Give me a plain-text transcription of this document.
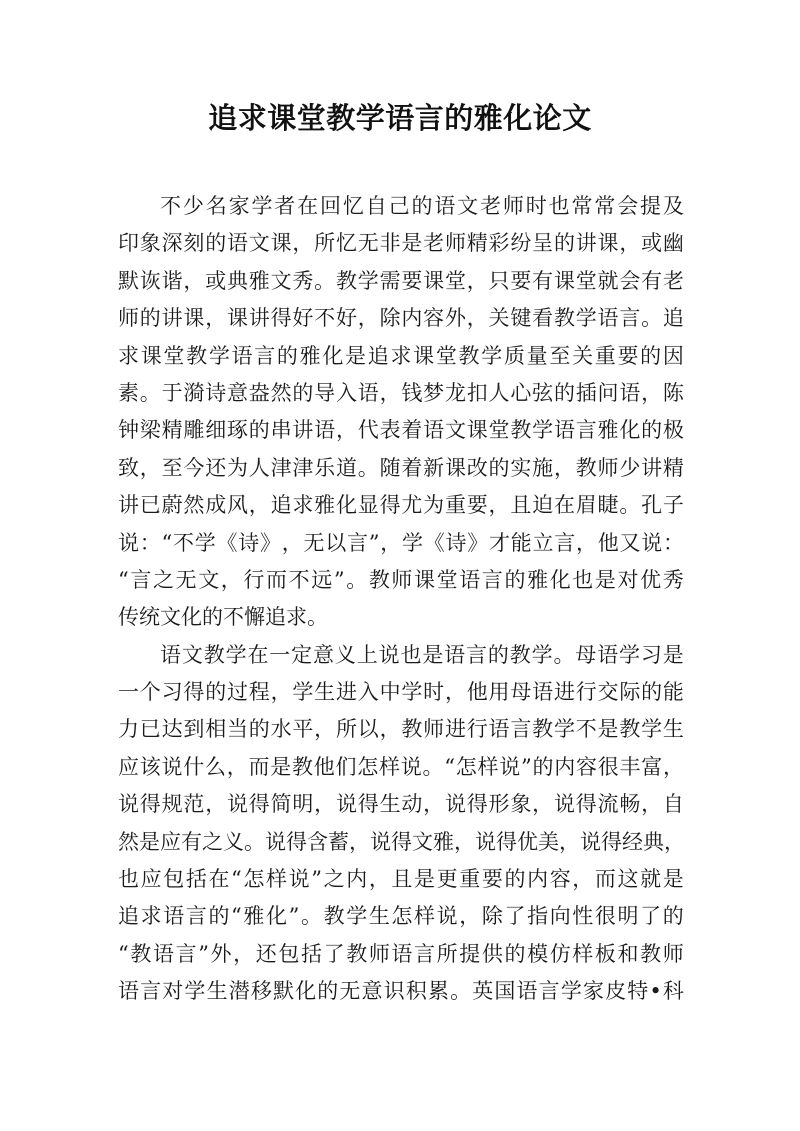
追求课堂教学语言的雅化论文
不 少 名 家 学 者 在 回 忆 自 己 的 语 文 老 师 时 也 常 常 会 提 及
印 象 深 刻 的 语 文 课 ， 所 忆 无 非 是 老 师 精 彩 纷 呈 的 讲 课 ， 或 幽
默 诙 谐 ， 或 典 雅 文 秀 。 教 学 需 要 课 堂 ， 只 要 有 课 堂 就 会 有 老
师 的 讲 课 ， 课 讲 得 好 不 好 ， 除 内 容 外 ， 关 键 看 教 学 语 言 。 追
求 课 堂 教 学 语 言 的 雅 化 是 追 求 课 堂 教 学 质 量 至 关 重 要 的 因
素 。 于 漪 诗 意 盎 然 的 导 入 语 ， 钱 梦 龙 扣 人 心 弦 的 插 问 语 ， 陈
钟 梁 精 雕 细 琢 的 串 讲 语 ， 代 表 着 语 文 课 堂 教 学 语 言 雅 化 的 极
致 ， 至 今 还 为 人 津 津 乐 道 。 随 着 新 课 改 的 实 施 ， 教 师 少 讲 精
讲 已 蔚 然 成 风 ， 追 求 雅 化 显 得 尤 为 重 要 ， 且 迫 在 眉 睫 。 孔 子
说 ： “ 不 学 《 诗 》 ， 无 以 言 ” ， 学 《 诗 》 才 能 立 言 ， 他 又 说 ：
“ 言 之 无 文 ， 行 而 不 远 ” 。 教 师 课 堂 语 言 的 雅 化 也 是 对 优 秀
传统文化的不懈追求。
语 文 教 学 在 一 定 意 义 上 说 也 是 语 言 的 教 学 。 母 语 学 习 是
一 个 习 得 的 过 程 ， 学 生 进 入 中 学 时 ， 他 用 母 语 进 行 交 际 的 能
力 已 达 到 相 当 的 水 平 ， 所 以 ， 教 师 进 行 语 言 教 学 不 是 教 学 生
应 该 说 什 么 ， 而 是 教 他 们 怎 样 说 。 “ 怎 样 说 ” 的 内 容 很 丰 富 ，
说 得 规 范 ， 说 得 简 明 ， 说 得 生 动 ， 说 得 形 象 ， 说 得 流 畅 ， 自
然 是 应 有 之 义 。 说 得 含 蓄 ， 说 得 文 雅 ， 说 得 优 美 ， 说 得 经 典 ，
也 应 包 括 在 “ 怎 样 说 ” 之 内 ， 且 是 更 重 要 的 内 容 ， 而 这 就 是
追 求 语 言 的 “ 雅 化 ” 。 教 学 生 怎 样 说 ， 除 了 指 向 性 很 明 了 的
“ 教 语 言 ” 外 ， 还 包 括 了 教 师 语 言 所 提 供 的 模 仿 样 板 和 教 师
语 言 对 学 生 潜 移 默 化 的 无 意 识 积 累 。 英 国 语 言 学 家 皮 特 • 科
